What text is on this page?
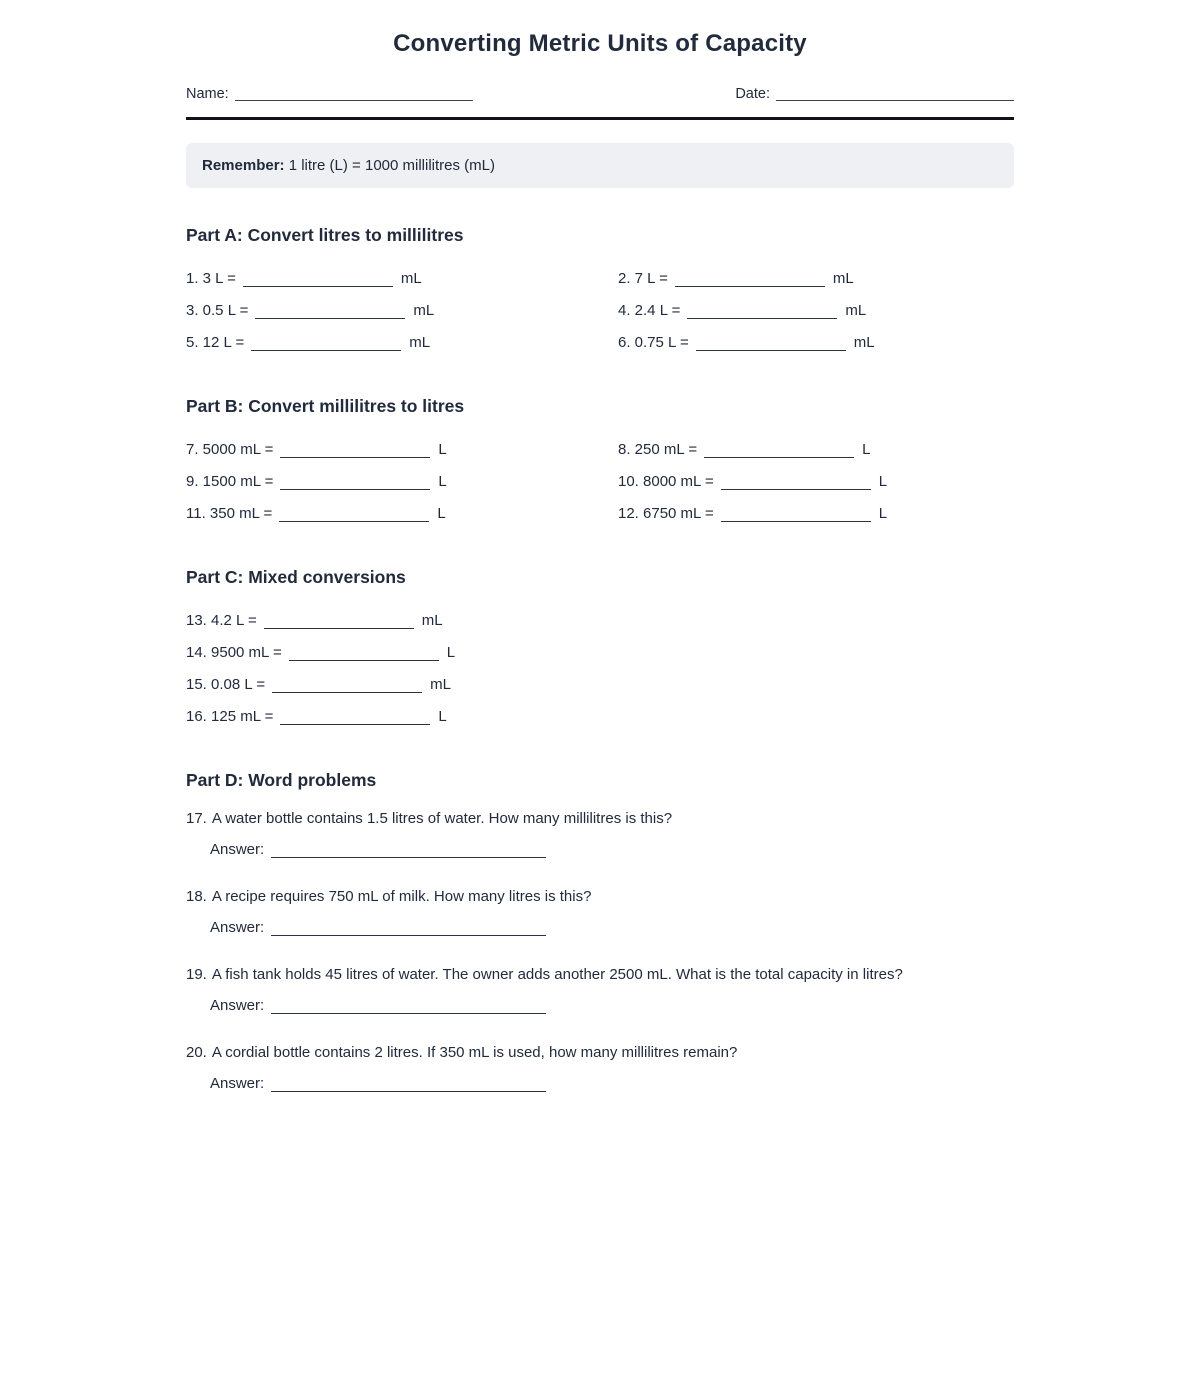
Converting Metric Units of Capacity
Name:	Date:
Remember: 1 litre (L) = 1000 millilitres (mL)
Part A: Convert litres to millilitres
1. 3 L =	mL	2. 7 L =	mL
3. 0.5 L =	mL	4. 2.4 L =	mL
5. 12 L =	mL	6. 0.75 L =	mL
Part B: Convert millilitres to litres
7. 5000 mL =	L	8. 250 mL =	L
9. 1500 mL =	L	10. 8000 mL =	L
11. 350 mL =	L	12. 6750 mL =	L
Part C: Mixed conversions
13. 4.2 L =	mL
14. 9500 mL =	L
15. 0.08 L =	mL
16. 125 mL =	L
Part D: Word problems
17. A water bottle contains 1.5 litres of water. How many millilitres is this?
Answer:
18. A recipe requires 750 mL of milk. How many litres is this?
Answer:
19. A fish tank holds 45 litres of water. The owner adds another 2500 mL. What is the total capacity in litres?
Answer:
20. A cordial bottle contains 2 litres. If 350 mL is used, how many millilitres remain?
Answer:
